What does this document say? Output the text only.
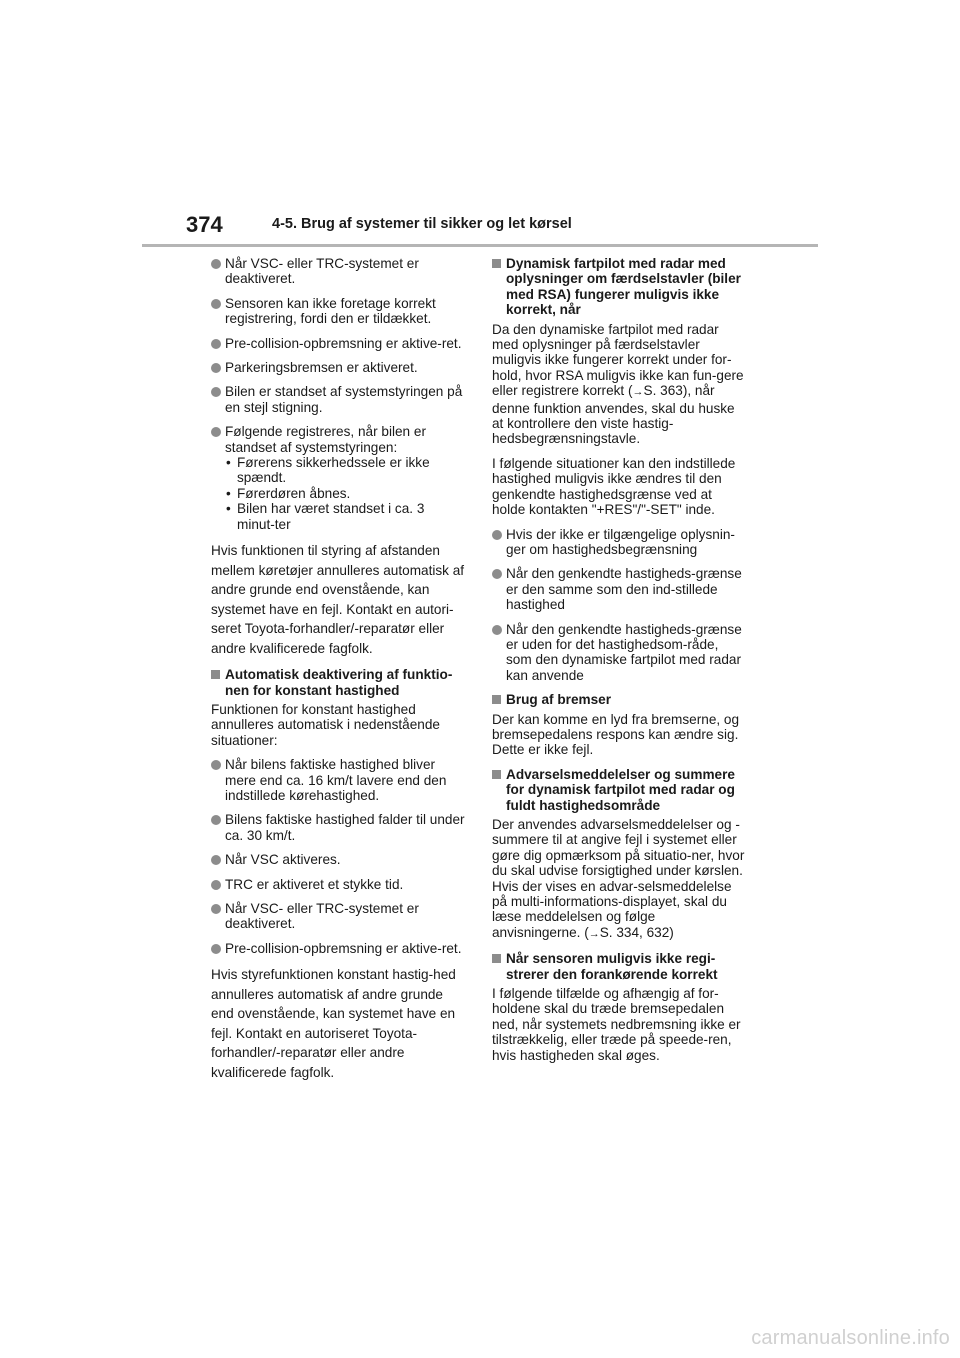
374	4-5. Brug af systemer til sikker og let kørsel
Når VSC- eller TRC-systemet er deaktiveret.
Sensoren kan ikke foretage korrekt registrering, fordi den er tildækket.
Pre-collision-opbremsning er aktive-ret.
Parkeringsbremsen er aktiveret.
Bilen er standset af systemstyringen på en stejl stigning.
Følgende registreres, når bilen er standset af systemstyringen:
• Førerens sikkerhedssele er ikke spændt.
• Førerdøren åbnes.
• Bilen har været standset i ca. 3 minut-ter
Hvis funktionen til styring af afstanden mellem køretøjer annulleres automatisk af andre grunde end ovenstående, kan systemet have en fejl. Kontakt en autori-seret Toyota-forhandler/-reparatør eller andre kvalificerede fagfolk.
Automatisk deaktivering af funktio-nen for konstant hastighed
Funktionen for konstant hastighed annulleres automatisk i nedenstående situationer:
Når bilens faktiske hastighed bliver mere end ca. 16 km/t lavere end den indstillede kørehastighed.
Bilens faktiske hastighed falder til under ca. 30 km/t.
Når VSC aktiveres.
TRC er aktiveret et stykke tid.
Når VSC- eller TRC-systemet er deaktiveret.
Pre-collision-opbremsning er aktive-ret.
Hvis styrefunktionen konstant hastig-hed annulleres automatisk af andre grunde end ovenstående, kan systemet have en fejl. Kontakt en autoriseret Toyota-forhandler/-reparatør eller andre kvalificerede fagfolk.
Dynamisk fartpilot med radar med oplysninger om færdselstavler (biler med RSA) fungerer muligvis ikke korrekt, når
Da den dynamiske fartpilot med radar med oplysninger på færdselstavler muligvis ikke fungerer korrekt under for-hold, hvor RSA muligvis ikke kan fun-gere eller registrere korrekt (→S. 363), når denne funktion anvendes, skal du huske at kontrollere den viste hastig-hedsbegrænsningstavle.
I følgende situationer kan den indstillede hastighed muligvis ikke ændres til den genkendte hastighedsgrænse ved at holde kontakten "+RES"/"-SET" inde.
Hvis der ikke er tilgængelige oplysnin-ger om hastighedsbegrænsning
Når den genkendte hastigheds-grænse er den samme som den ind-stillede hastighed
Når den genkendte hastigheds-grænse er uden for det hastighedsom-råde, som den dynamiske fartpilot med radar kan anvende
Brug af bremser
Der kan komme en lyd fra bremserne, og bremsepedalens respons kan ændre sig. Dette er ikke fejl.
Advarselsmeddelelser og summere for dynamisk fartpilot med radar og fuldt hastighedsområde
Der anvendes advarselsmeddelelser og -summere til at angive fejl i systemet eller gøre dig opmærksom på situatio-ner, hvor du skal udvise forsigtighed under kørslen. Hvis der vises en advar-selsmeddelelse på multi-informations-displayet, skal du læse meddelelsen og følge anvisningerne. (→S. 334, 632)
Når sensoren muligvis ikke regi-strerer den forankørende korrekt
I følgende tilfælde og afhængig af for-holdene skal du træde bremsepedalen ned, når systemets nedbremsning ikke er tilstrækkelig, eller træde på speede-ren, hvis hastigheden skal øges.
carmanualsonline.info
